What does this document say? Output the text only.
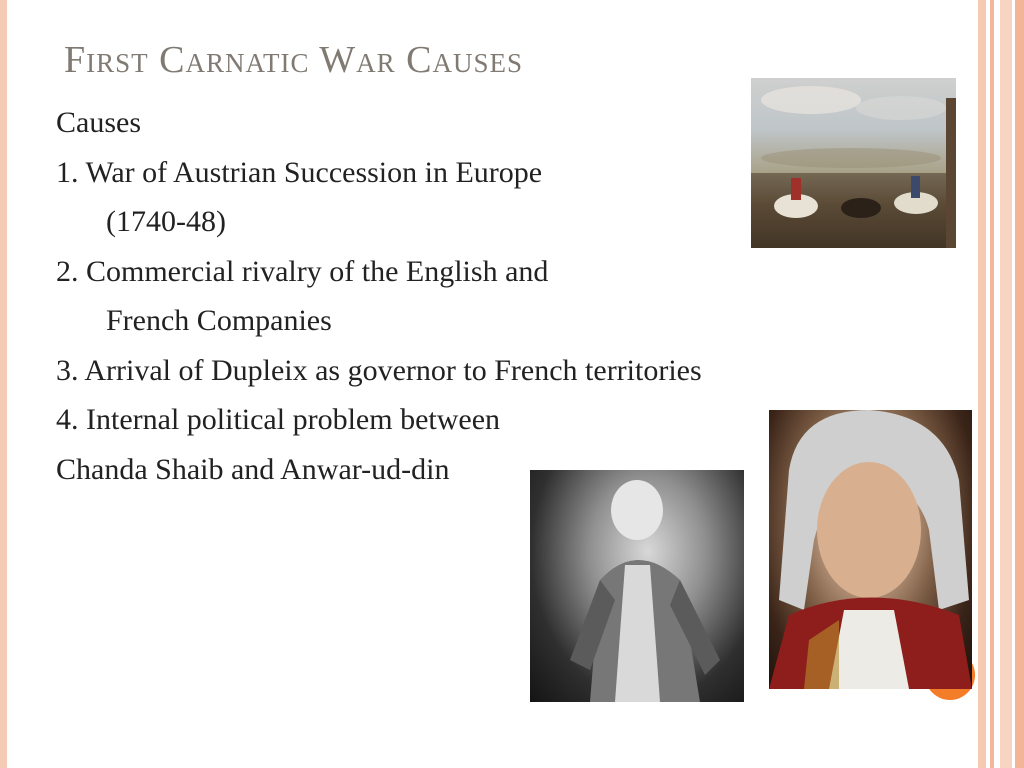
First Carnatic War Causes
Causes
1. War of Austrian Succession in Europe
(1740-48)
2. Commercial rivalry of the English and
French Companies
3. Arrival of Dupleix as governor to French territories
4. Internal political problem between
Chanda Shaib and Anwar-ud-din
